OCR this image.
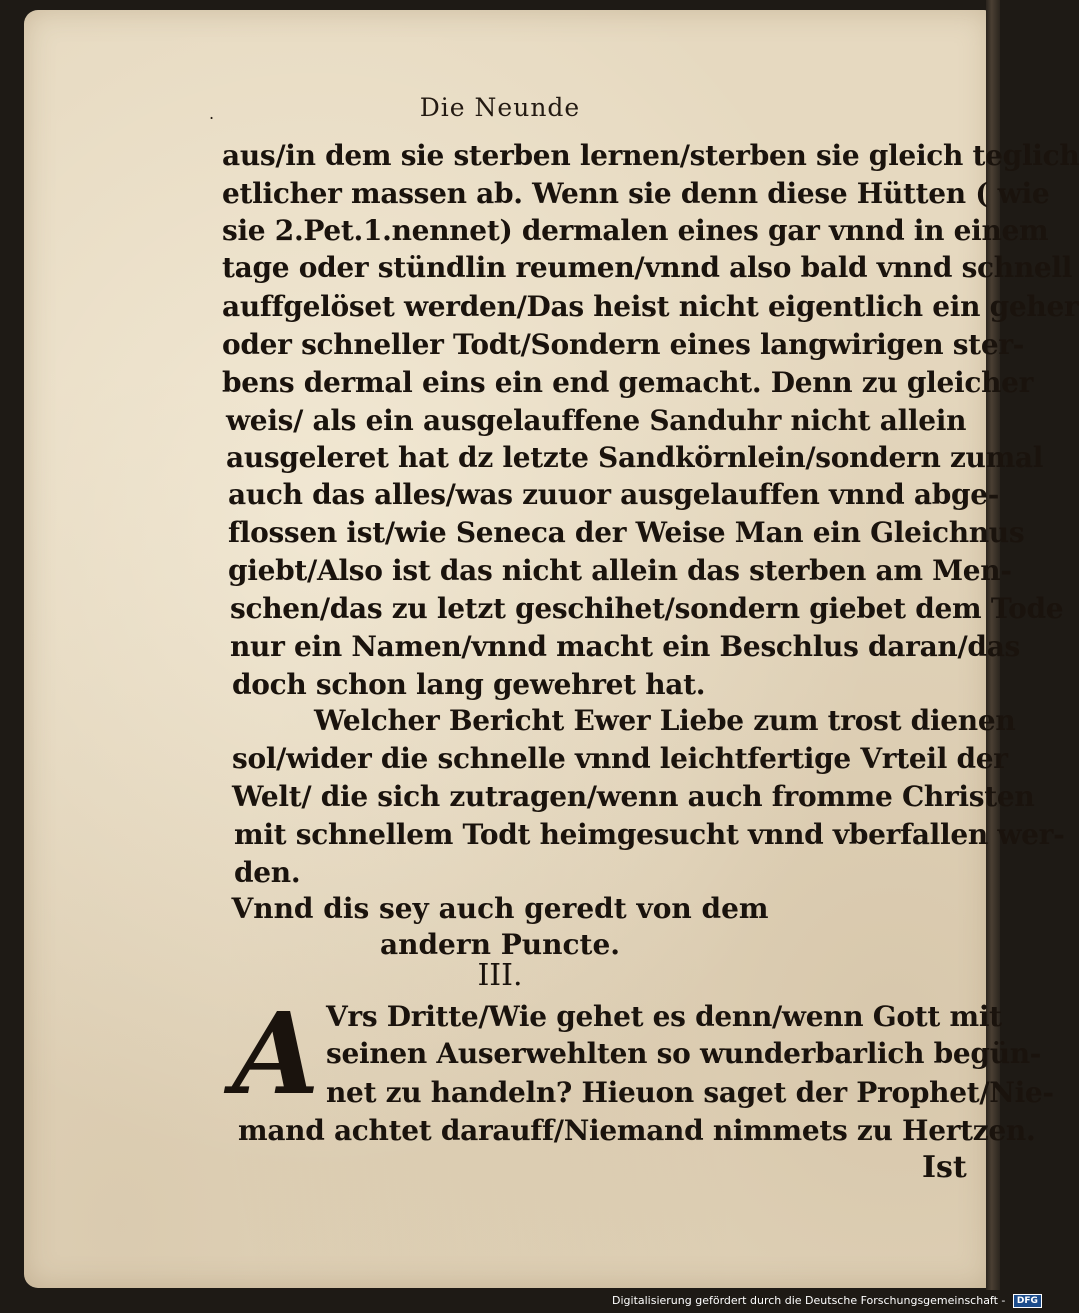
.	Die Neunde
aus/in dem sie sterben lernen/sterben sie gleich teglich
etlicher massen ab. Wenn sie denn diese Hütten ( wie
sie 2.Pet.1.nennet) dermalen eines gar vnnd in einem
tage oder stündlin reumen/vnnd also bald vnnd schnell
auffgelöset werden/Das heist nicht eigentlich ein geher
oder schneller Todt/Sondern eines langwirigen ster-
bens dermal eins ein end gemacht. Denn zu gleicher
weis/ als ein ausgelauffene Sanduhr nicht allein
ausgeleret hat dz letzte Sandkörnlein/sondern zumal
auch das alles/was zuuor ausgelauffen vnnd abge-
flossen ist/wie Seneca der Weise Man ein Gleichnus
giebt/Also ist das nicht allein das sterben am Men-
schen/das zu letzt geschihet/sondern giebet dem Tode
nur ein Namen/vnnd macht ein Beschlus daran/das
doch schon lang gewehret hat.
Welcher Bericht Ewer Liebe zum trost dienen
sol/wider die schnelle vnnd leichtfertige Vrteil der
Welt/ die sich zutragen/wenn auch fromme Christen
mit schnellem Todt heimgesucht vnnd vberfallen wer-
den.
Vnnd dis sey auch geredt von dem
andern Puncte.
III.
A Vrs Dritte/Wie gehet es denn/wenn Gott mit
seinen Auserwehlten so wunderbarlich begün-
net zu handeln? Hieuon saget der Prophet/Nie-
mand achtet darauff/Niemand nimmets zu Hertzen.
Ist
Digitalisierung gefördert durch die Deutsche Forschungsgemeinschaft - DFG
